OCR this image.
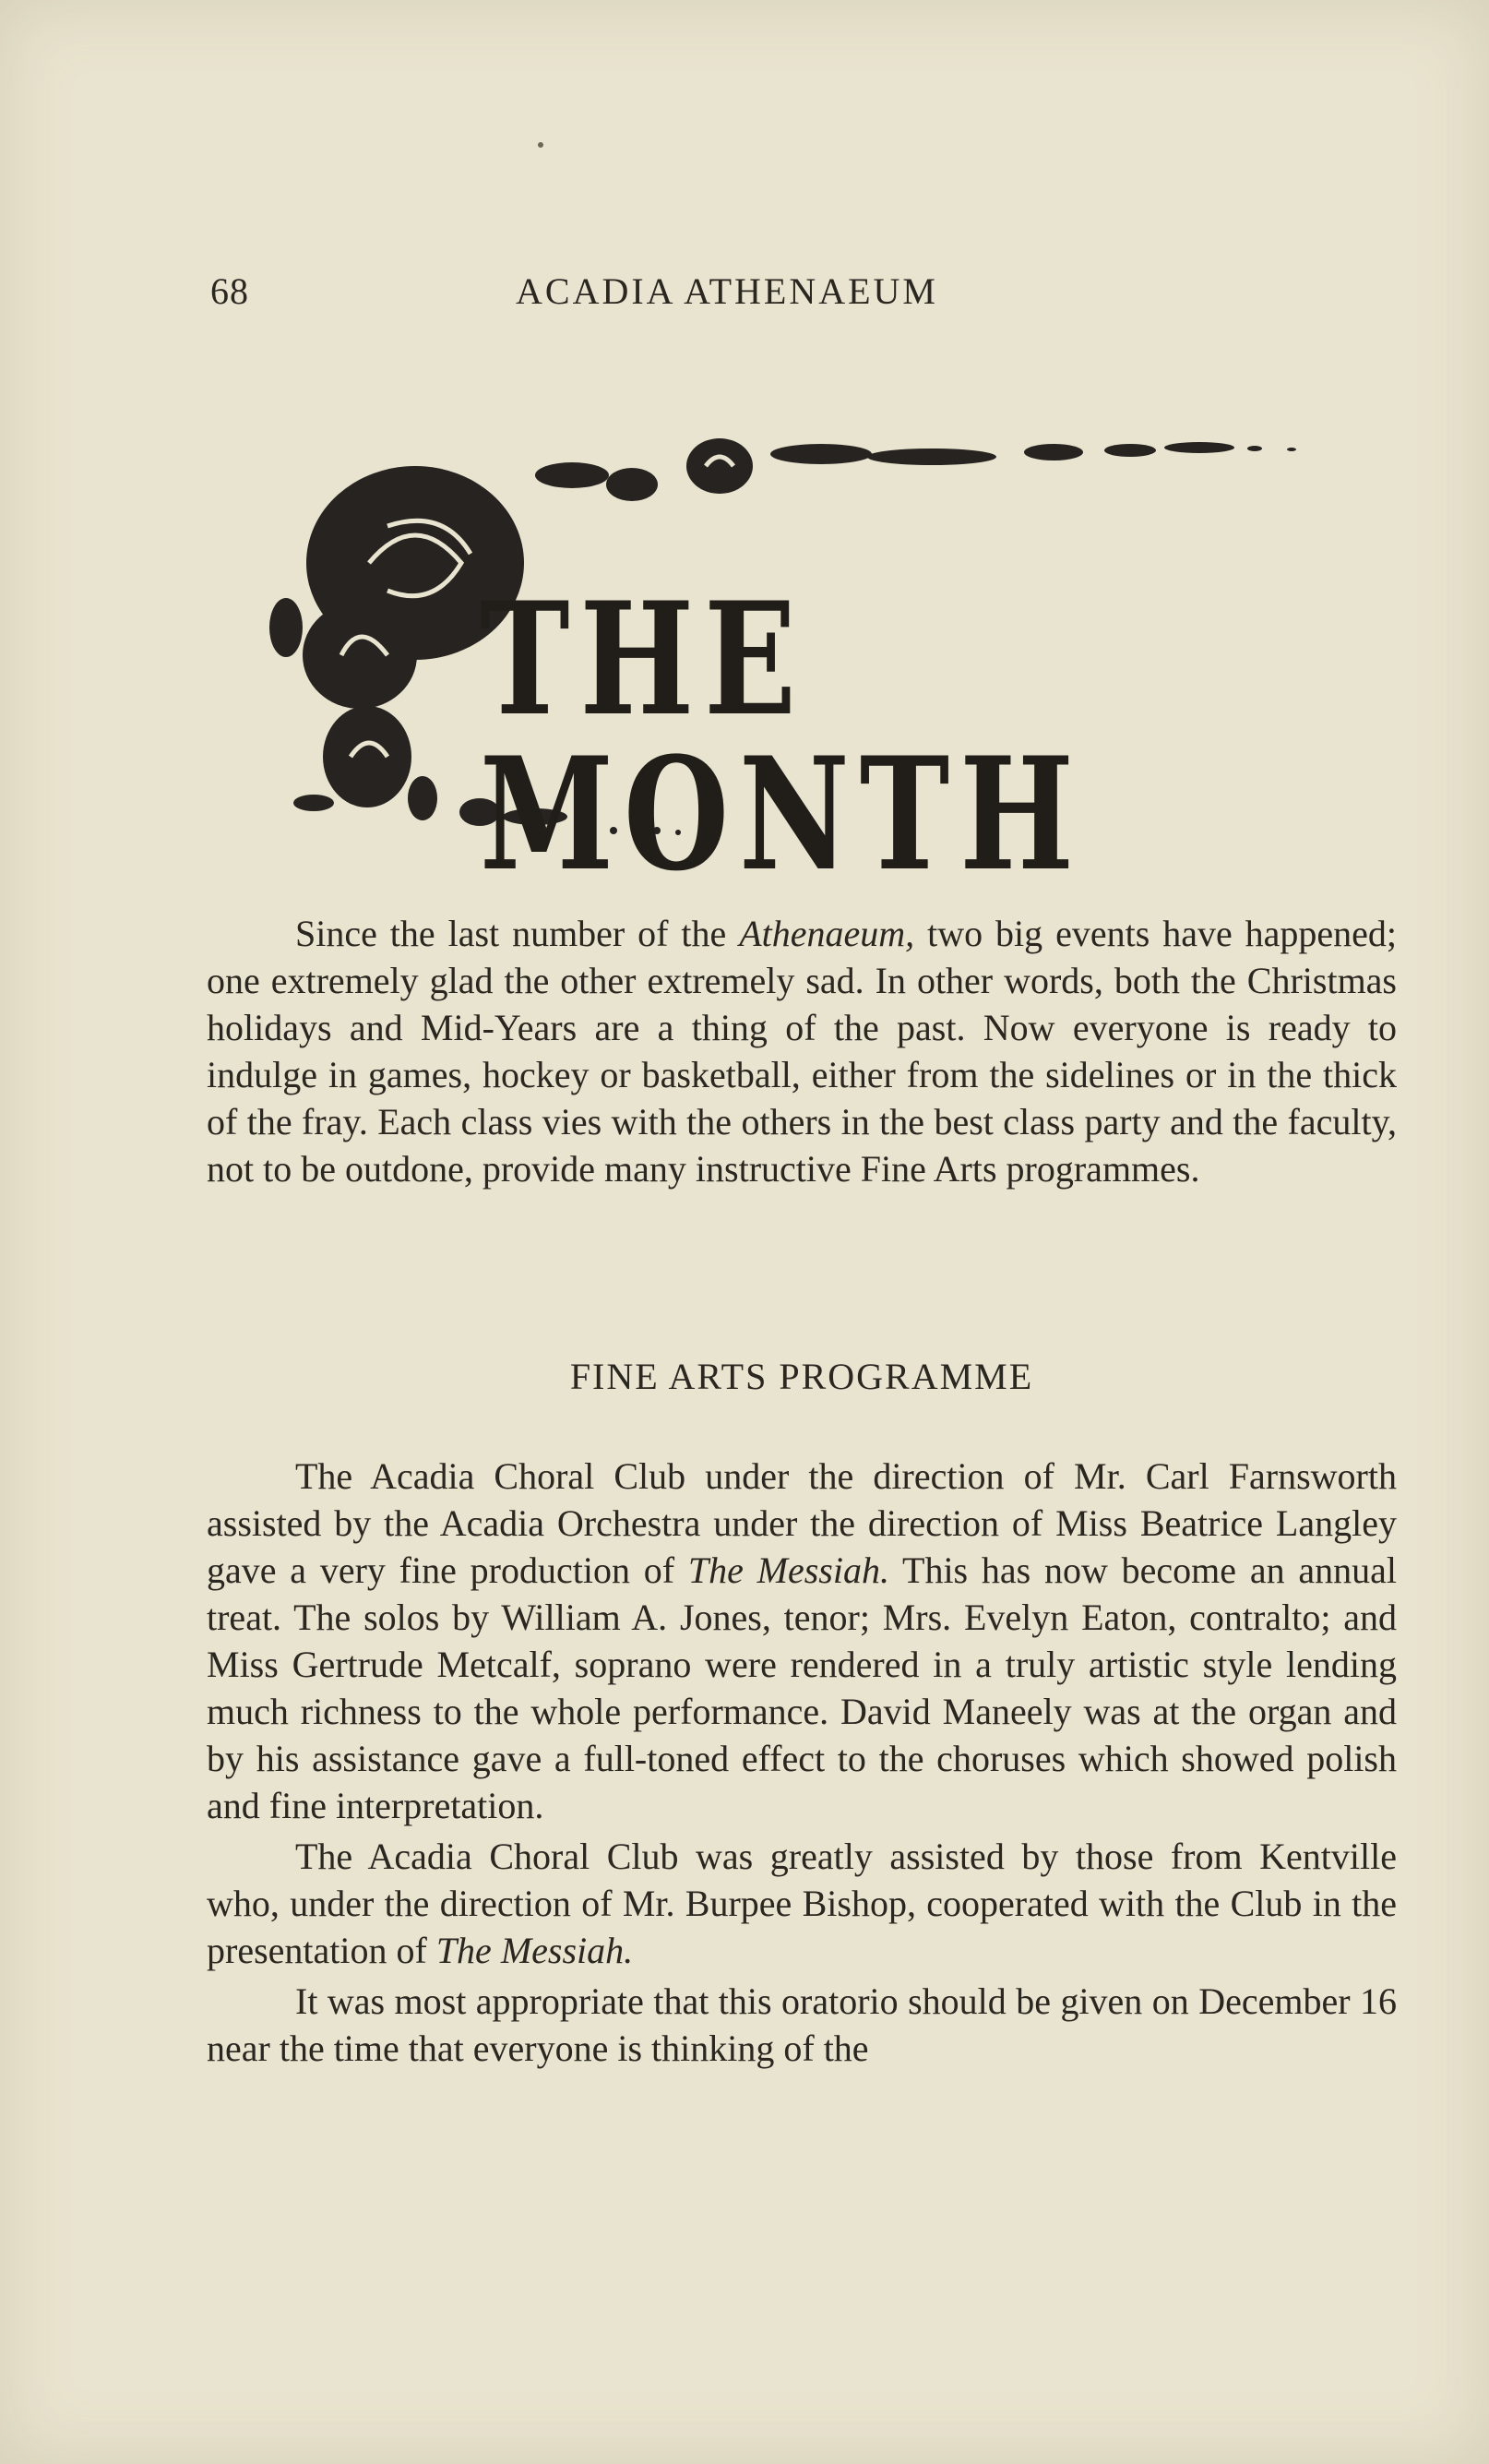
68	ACADIA ATHENAEUM
THE MONTH

Since the last number of the Athenaeum, two big events have happened; one extremely glad the other extremely sad. In other words, both the Christmas holidays and Mid-Years are a thing of the past. Now everyone is ready to indulge in games, hockey or basketball, either from the sidelines or in the thick of the fray. Each class vies with the others in the best class party and the faculty, not to be outdone, provide many instructive Fine Arts programmes.

FINE ARTS PROGRAMME

The Acadia Choral Club under the direction of Mr. Carl Farnsworth assisted by the Acadia Orchestra under the direction of Miss Beatrice Langley gave a very fine production of The Messiah. This has now become an annual treat. The solos by William A. Jones, tenor; Mrs. Evelyn Eaton, contralto; and Miss Gertrude Metcalf, soprano were rendered in a truly artistic style lending much richness to the whole performance. David Maneely was at the organ and by his assistance gave a full-toned effect to the choruses which showed polish and fine interpretation.

The Acadia Choral Club was greatly assisted by those from Kentville who, under the direction of Mr. Burpee Bishop, cooperated with the Club in the presentation of The Messiah.

It was most appropriate that this oratorio should be given on December 16 near the time that everyone is thinking of the
